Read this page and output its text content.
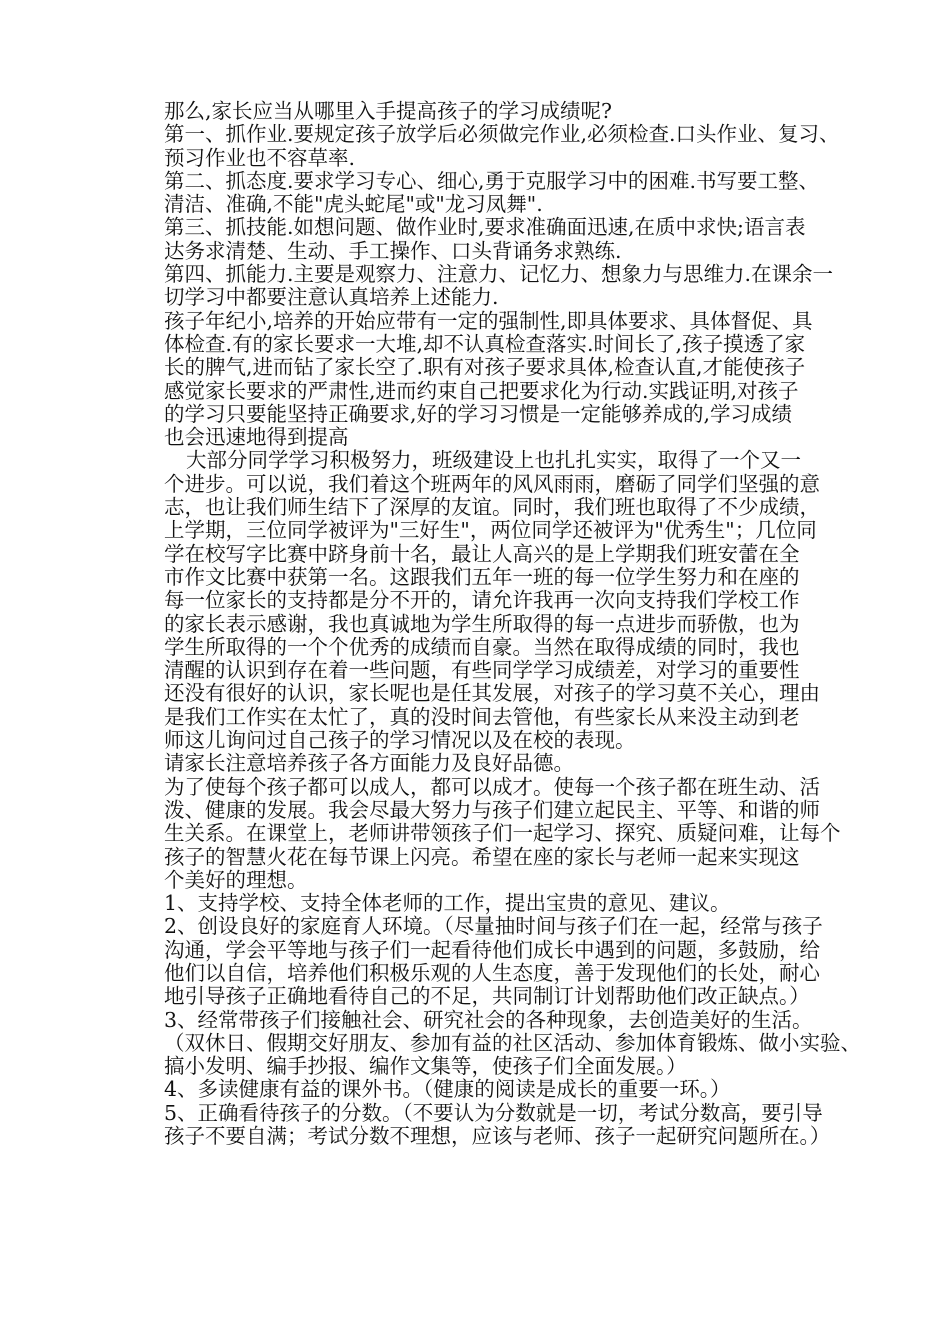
那么,家长应当从哪里入手提高孩子的学习成绩呢?
第一、抓作业.要规定孩子放学后必须做完作业,必须检查.口头作业、复习、
预习作业也不容草率.
第二、抓态度.要求学习专心、细心,勇于克服学习中的困难.书写要工整、
清洁、准确,不能"虎头蛇尾"或"龙习凤舞".
第三、抓技能.如想问题、做作业时,要求准确面迅速,在质中求快;语言表
达务求清楚、生动、手工操作、口头背诵务求熟练.
第四、抓能力.主要是观察力、注意力、记忆力、想象力与思维力.在课余一
切学习中都要注意认真培养上述能力.
孩子年纪小,培养的开始应带有一定的强制性,即具体要求、具体督促、具
体检查.有的家长要求一大堆,却不认真检查落实.时间长了,孩子摸透了家
长的脾气,进而钻了家长空了.职有对孩子要求具体,检查认直,才能使孩子
感觉家长要求的严肃性,进而约束自己把要求化为行动.实践证明,对孩子
的学习只要能坚持正确要求,好的学习习惯是一定能够养成的,学习成绩
也会迅速地得到提高
大部分同学学习积极努力，班级建设上也扎扎实实，取得了一个又一
个进步。可以说，我们着这个班两年的风风雨雨，磨砺了同学们坚强的意
志，也让我们师生结下了深厚的友谊。同时，我们班也取得了不少成绩，
上学期，三位同学被评为"三好生"，两位同学还被评为"优秀生"；几位同
学在校写字比赛中跻身前十名，最让人高兴的是上学期我们班安蕾在全
市作文比赛中获第一名。这跟我们五年一班的每一位学生努力和在座的
每一位家长的支持都是分不开的，请允许我再一次向支持我们学校工作
的家长表示感谢，我也真诚地为学生所取得的每一点进步而骄傲，也为
学生所取得的一个个优秀的成绩而自豪。当然在取得成绩的同时，我也
清醒的认识到存在着一些问题，有些同学学习成绩差，对学习的重要性
还没有很好的认识，家长呢也是任其发展，对孩子的学习莫不关心，理由
是我们工作实在太忙了，真的没时间去管他，有些家长从来没主动到老
师这儿询问过自己孩子的学习情况以及在校的表现。
请家长注意培养孩子各方面能力及良好品德。
为了使每个孩子都可以成人，都可以成才。使每一个孩子都在班生动、活
泼、健康的发展。我会尽最大努力与孩子们建立起民主、平等、和谐的师
生关系。在课堂上，老师讲带领孩子们一起学习、探究、质疑问难，让每个
孩子的智慧火花在每节课上闪亮。希望在座的家长与老师一起来实现这
个美好的理想。
1、支持学校、支持全体老师的工作，提出宝贵的意见、建议。
2、创设良好的家庭育人环境。（尽量抽时间与孩子们在一起，经常与孩子
沟通，学会平等地与孩子们一起看待他们成长中遇到的问题，多鼓励，给
他们以自信，培养他们积极乐观的人生态度，善于发现他们的长处，耐心
地引导孩子正确地看待自己的不足，共同制订计划帮助他们改正缺点。）
3、经常带孩子们接触社会、研究社会的各种现象，去创造美好的生活。
（双休日、假期交好朋友、参加有益的社区活动、参加体育锻炼、做小实验、
搞小发明、编手抄报、编作文集等，使孩子们全面发展。）
4、多读健康有益的课外书。（健康的阅读是成长的重要一环。）
5、正确看待孩子的分数。（不要认为分数就是一切，考试分数高，要引导
孩子不要自满；考试分数不理想，应该与老师、孩子一起研究问题所在。）
